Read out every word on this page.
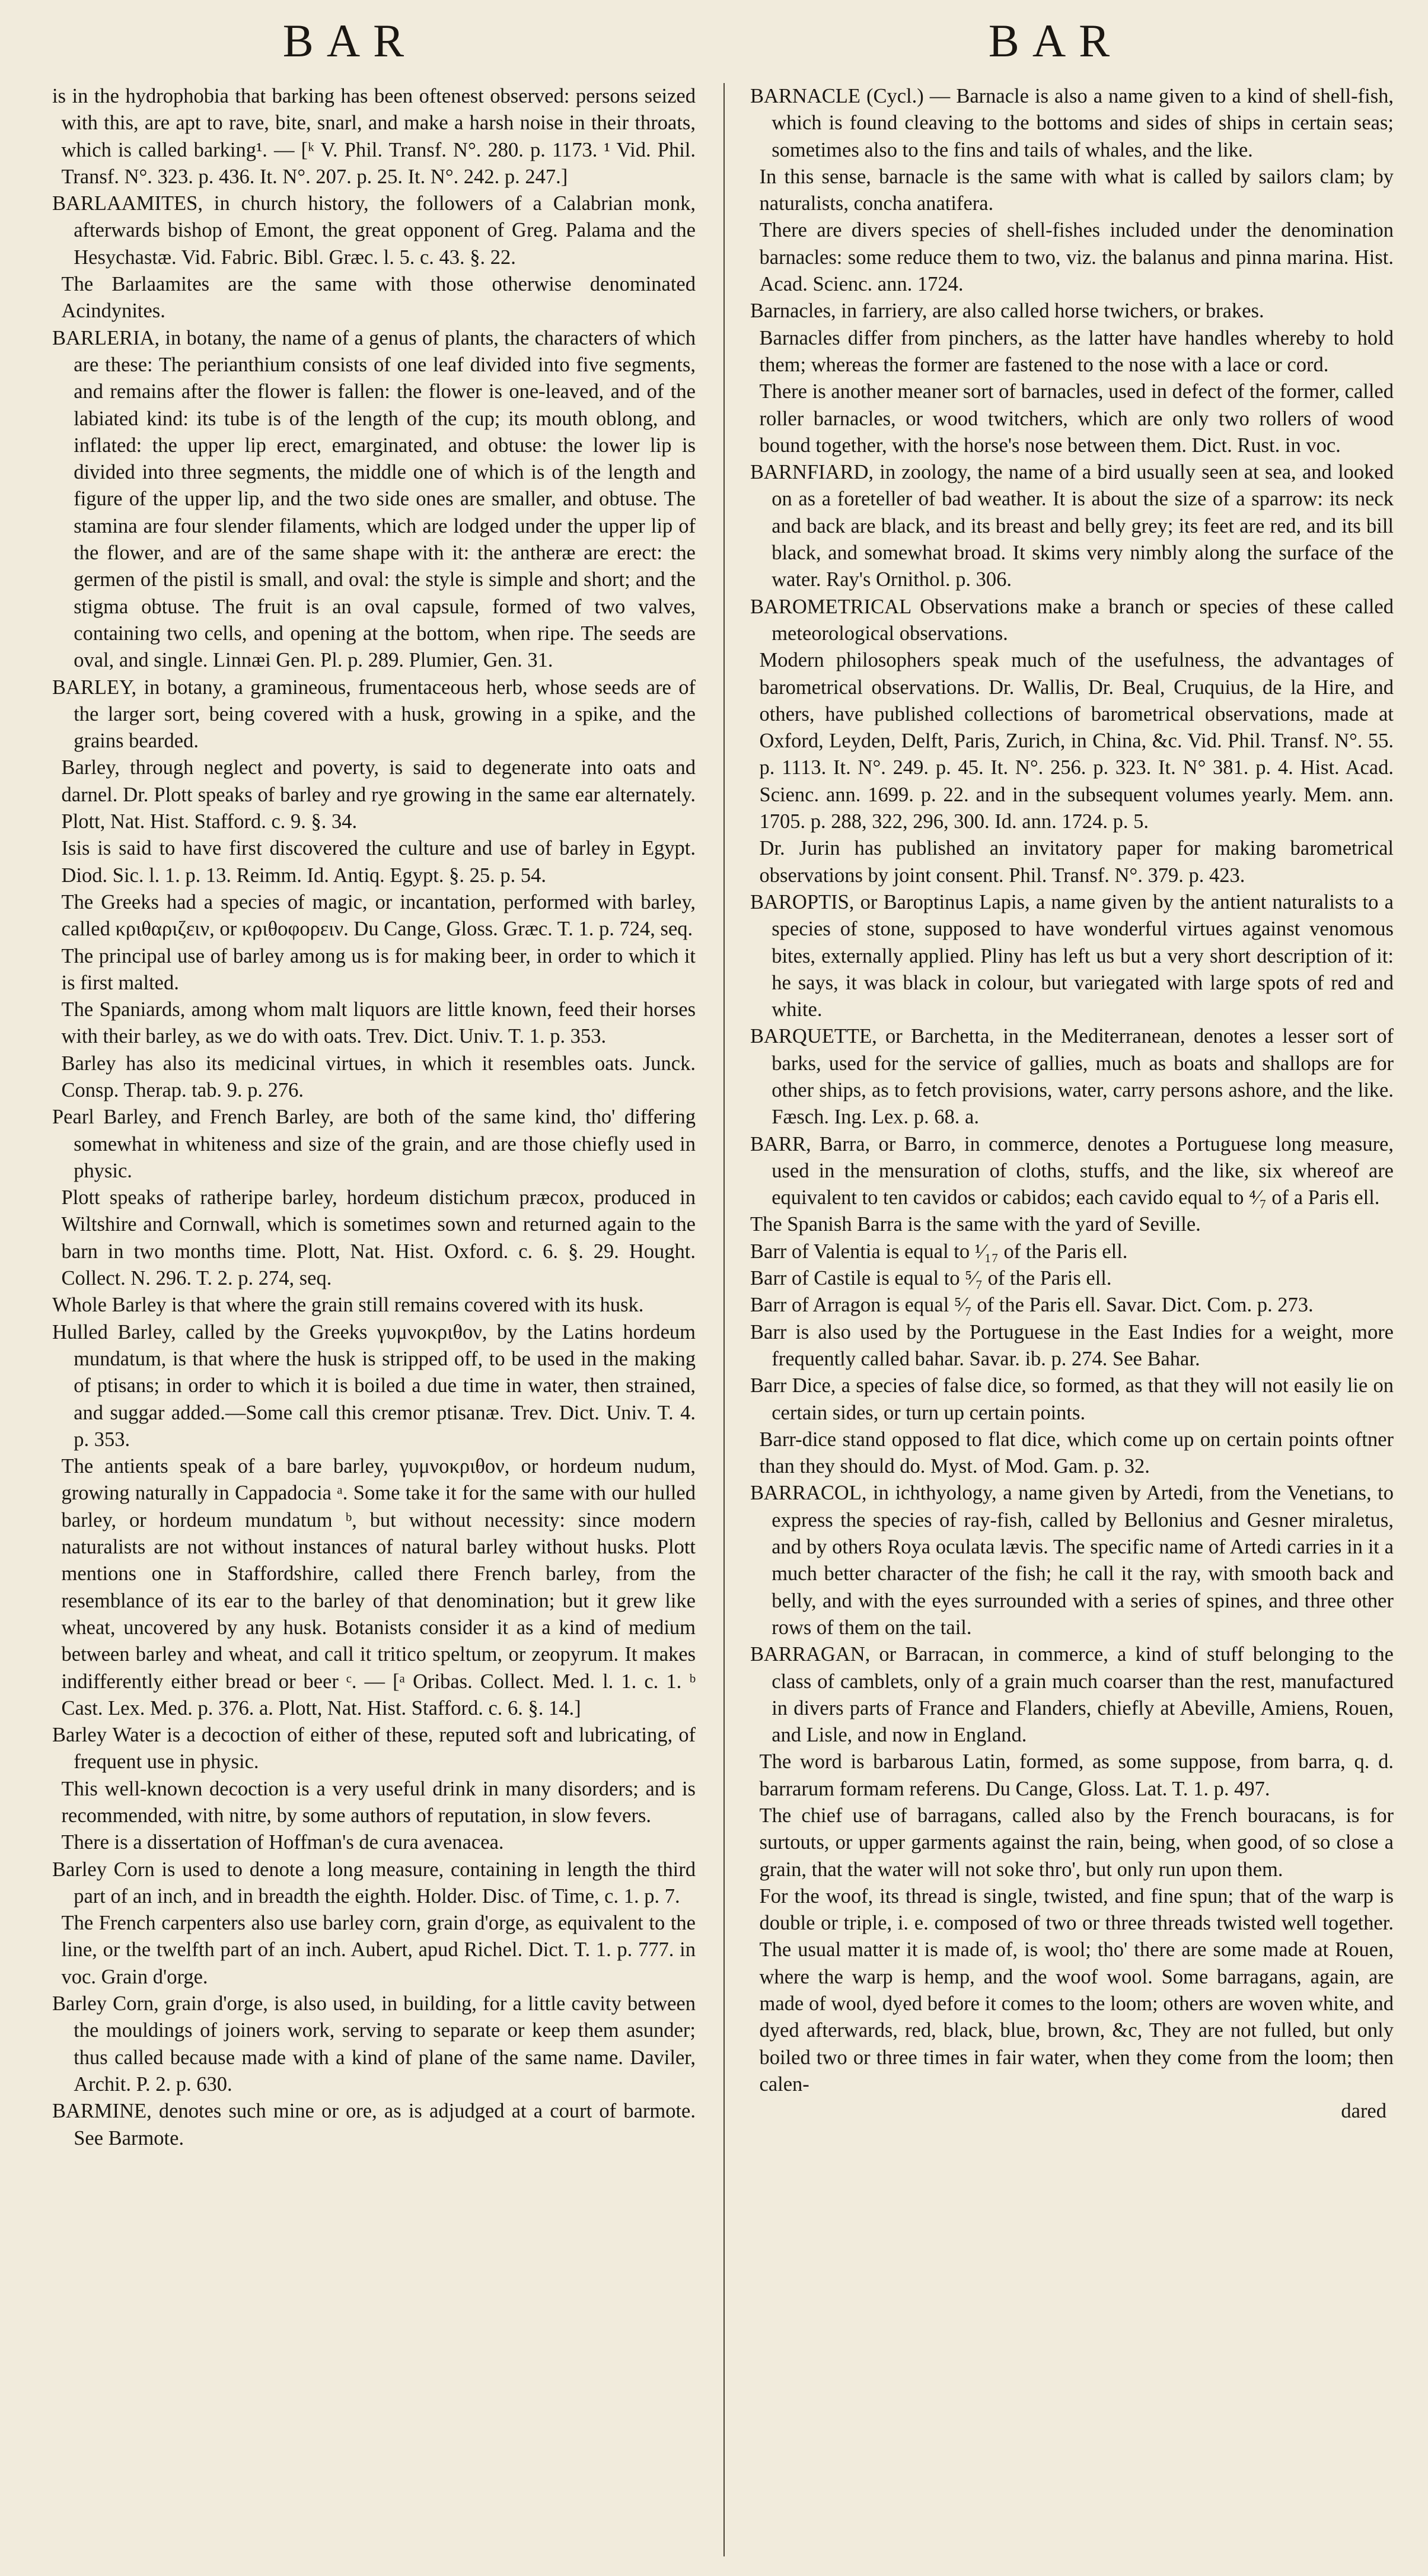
BAR	BAR

is in the hydrophobia that barking has been oftenest observed: persons seized with this, are apt to rave, bite, snarl, and make a harsh noise in their throats, which is called barking¹. — [ᵏ V. Phil. Transf. N°. 280. p. 1173. ¹ Vid. Phil. Transf. N°. 323. p. 436. It. N°. 207. p. 25. It. N°. 242. p. 247.]

BARLAAMITES, in church history, the followers of a Calabrian monk, afterwards bishop of Emont, the great opponent of Greg. Palama and the Hesychastæ. Vid. Fabric. Bibl. Græc. l. 5. c. 43. §. 22.

The Barlaamites are the same with those otherwise denominated Acindynites.

BARLERIA, in botany, the name of a genus of plants, the characters of which are these: The perianthium consists of one leaf divided into five segments, and remains after the flower is fallen: the flower is one-leaved, and of the labiated kind: its tube is of the length of the cup; its mouth oblong, and inflated: the upper lip erect, emarginated, and obtuse: the lower lip is divided into three segments, the middle one of which is of the length and figure of the upper lip, and the two side ones are smaller, and obtuse. The stamina are four slender filaments, which are lodged under the upper lip of the flower, and are of the same shape with it: the antheræ are erect: the germen of the pistil is small, and oval: the style is simple and short; and the stigma obtuse. The fruit is an oval capsule, formed of two valves, containing two cells, and opening at the bottom, when ripe. The seeds are oval, and single. Linnæi Gen. Pl. p. 289. Plumier, Gen. 31.

BARLEY, in botany, a gramineous, frumentaceous herb, whose seeds are of the larger sort, being covered with a husk, growing in a spike, and the grains bearded.

Barley, through neglect and poverty, is said to degenerate into oats and darnel. Dr. Plott speaks of barley and rye growing in the same ear alternately. Plott, Nat. Hist. Stafford. c. 9. §. 34.

Isis is said to have first discovered the culture and use of barley in Egypt. Diod. Sic. l. 1. p. 13. Reimm. Id. Antiq. Egypt. §. 25. p. 54.

The Greeks had a species of magic, or incantation, performed with barley, called κριθαριζειν, or κριθοφορειν. Du Cange, Gloss. Græc. T. 1. p. 724, seq.

The principal use of barley among us is for making beer, in order to which it is first malted.

The Spaniards, among whom malt liquors are little known, feed their horses with their barley, as we do with oats. Trev. Dict. Univ. T. 1. p. 353.

Barley has also its medicinal virtues, in which it resembles oats. Junck. Consp. Therap. tab. 9. p. 276.

Pearl Barley, and French Barley, are both of the same kind, tho' differing somewhat in whiteness and size of the grain, and are those chiefly used in physic.

Plott speaks of ratheripe barley, hordeum distichum præcox, produced in Wiltshire and Cornwall, which is sometimes sown and returned again to the barn in two months time. Plott, Nat. Hist. Oxford. c. 6. §. 29. Hought. Collect. N. 296. T. 2. p. 274, seq.

Whole Barley is that where the grain still remains covered with its husk.

Hulled Barley, called by the Greeks γυμνοκριθον, by the Latins hordeum mundatum, is that where the husk is stripped off, to be used in the making of ptisans; in order to which it is boiled a due time in water, then strained, and suggar added.—Some call this cremor ptisanæ. Trev. Dict. Univ. T. 4. p. 353.

The antients speak of a bare barley, γυμνοκριθον, or hordeum nudum, growing naturally in Cappadocia ᵃ. Some take it for the same with our hulled barley, or hordeum mundatum ᵇ, but without necessity: since modern naturalists are not without instances of natural barley without husks. Plott mentions one in Staffordshire, called there French barley, from the resemblance of its ear to the barley of that denomination; but it grew like wheat, uncovered by any husk. Botanists consider it as a kind of medium between barley and wheat, and call it tritico speltum, or zeopyrum. It makes indifferently either bread or beer ᶜ. — [ᵃ Oribas. Collect. Med. l. 1. c. 1. ᵇ Cast. Lex. Med. p. 376. a. Plott, Nat. Hist. Stafford. c. 6. §. 14.]

Barley Water is a decoction of either of these, reputed soft and lubricating, of frequent use in physic.

This well-known decoction is a very useful drink in many disorders; and is recommended, with nitre, by some authors of reputation, in slow fevers.

There is a dissertation of Hoffman's de cura avenacea.

Barley Corn is used to denote a long measure, containing in length the third part of an inch, and in breadth the eighth. Holder. Disc. of Time, c. 1. p. 7.

The French carpenters also use barley corn, grain d'orge, as equivalent to the line, or the twelfth part of an inch. Aubert, apud Richel. Dict. T. 1. p. 777. in voc. Grain d'orge.

Barley Corn, grain d'orge, is also used, in building, for a little cavity between the mouldings of joiners work, serving to separate or keep them asunder; thus called because made with a kind of plane of the same name. Daviler, Archit. P. 2. p. 630.

BARMINE, denotes such mine or ore, as is adjudged at a court of barmote. See Barmote.

BARNACLE (Cycl.) — Barnacle is also a name given to a kind of shell-fish, which is found cleaving to the bottoms and sides of ships in certain seas; sometimes also to the fins and tails of whales, and the like.

In this sense, barnacle is the same with what is called by sailors clam; by naturalists, concha anatifera.

There are divers species of shell-fishes included under the denomination barnacles: some reduce them to two, viz. the balanus and pinna marina. Hist. Acad. Scienc. ann. 1724.

Barnacles, in farriery, are also called horse twichers, or brakes.

Barnacles differ from pinchers, as the latter have handles whereby to hold them; whereas the former are fastened to the nose with a lace or cord.

There is another meaner sort of barnacles, used in defect of the former, called roller barnacles, or wood twitchers, which are only two rollers of wood bound together, with the horse's nose between them. Dict. Rust. in voc.

BARNFIARD, in zoology, the name of a bird usually seen at sea, and looked on as a foreteller of bad weather. It is about the size of a sparrow: its neck and back are black, and its breast and belly grey; its feet are red, and its bill black, and somewhat broad. It skims very nimbly along the surface of the water. Ray's Ornithol. p. 306.

BAROMETRICAL Observations make a branch or species of these called meteorological observations.

Modern philosophers speak much of the usefulness, the advantages of barometrical observations. Dr. Wallis, Dr. Beal, Cruquius, de la Hire, and others, have published collections of barometrical observations, made at Oxford, Leyden, Delft, Paris, Zurich, in China, &c. Vid. Phil. Transf. N°. 55. p. 1113. It. N°. 249. p. 45. It. N°. 256. p. 323. It. N° 381. p. 4. Hist. Acad. Scienc. ann. 1699. p. 22. and in the subsequent volumes yearly. Mem. ann. 1705. p. 288, 322, 296, 300. Id. ann. 1724. p. 5.

Dr. Jurin has published an invitatory paper for making barometrical observations by joint consent. Phil. Transf. N°. 379. p. 423.

BAROPTIS, or Baroptinus Lapis, a name given by the antient naturalists to a species of stone, supposed to have wonderful virtues against venomous bites, externally applied. Pliny has left us but a very short description of it: he says, it was black in colour, but variegated with large spots of red and white.

BARQUETTE, or Barchetta, in the Mediterranean, denotes a lesser sort of barks, used for the service of gallies, much as boats and shallops are for other ships, as to fetch provisions, water, carry persons ashore, and the like. Fæsch. Ing. Lex. p. 68. a.

BARR, Barra, or Barro, in commerce, denotes a Portuguese long measure, used in the mensuration of cloths, stuffs, and the like, six whereof are equivalent to ten cavidos or cabidos; each cavido equal to ⁴⁄₇ of a Paris ell.

The Spanish Barra is the same with the yard of Seville.

Barr of Valentia is equal to ¹⁄₁₇ of the Paris ell.

Barr of Castile is equal to ⁵⁄₇ of the Paris ell.

Barr of Arragon is equal ⁵⁄₇ of the Paris ell. Savar. Dict. Com. p. 273.

Barr is also used by the Portuguese in the East Indies for a weight, more frequently called bahar. Savar. ib. p. 274. See Bahar.

Barr Dice, a species of false dice, so formed, as that they will not easily lie on certain sides, or turn up certain points.

Barr-dice stand opposed to flat dice, which come up on certain points oftner than they should do. Myst. of Mod. Gam. p. 32.

BARRACOL, in ichthyology, a name given by Artedi, from the Venetians, to express the species of ray-fish, called by Bellonius and Gesner miraletus, and by others Roya oculata lævis. The specific name of Artedi carries in it a much better character of the fish; he call it the ray, with smooth back and belly, and with the eyes surrounded with a series of spines, and three other rows of them on the tail.

BARRAGAN, or Barracan, in commerce, a kind of stuff belonging to the class of camblets, only of a grain much coarser than the rest, manufactured in divers parts of France and Flanders, chiefly at Abeville, Amiens, Rouen, and Lisle, and now in England.

The word is barbarous Latin, formed, as some suppose, from barra, q. d. barrarum formam referens. Du Cange, Gloss. Lat. T. 1. p. 497.

The chief use of barragans, called also by the French bouracans, is for surtouts, or upper garments against the rain, being, when good, of so close a grain, that the water will not soke thro', but only run upon them.

For the woof, its thread is single, twisted, and fine spun; that of the warp is double or triple, i. e. composed of two or three threads twisted well together. The usual matter it is made of, is wool; tho' there are some made at Rouen, where the warp is hemp, and the woof wool. Some barragans, again, are made of wool, dyed before it comes to the loom; others are woven white, and dyed afterwards, red, black, blue, brown, &c, They are not fulled, but only boiled two or three times in fair water, when they come from the loom; then calen-

dared
